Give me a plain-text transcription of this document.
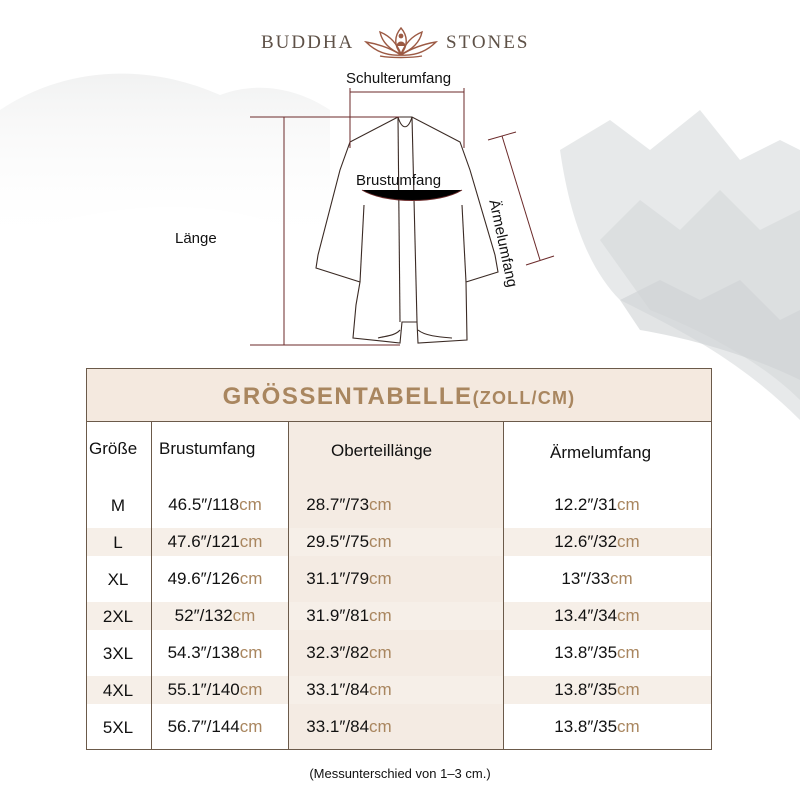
BUDDHA	STONES
Schulterumfang
Brustumfang
Länge	Ärmelumfang
GRÖSSENTABELLE(ZOLL/CM)
Größe Brustumfang	Oberteillänge	Ärmelumfang
M	46.5″/118cm	28.7″/73cm	12.2″/31cm
L	47.6″/121cm	29.5″/75cm	12.6″/32cm
XL	49.6″/126cm	31.1″/79cm	13″/33cm
2XL	52″/132cm	31.9″/81cm	13.4″/34cm
3XL	54.3″/138cm	32.3″/82cm	13.8″/35cm
4XL	55.1″/140cm	33.1″/84cm	13.8″/35cm
5XL	56.7″/144cm	33.1″/84cm	13.8″/35cm
(Messunterschied von 1–3 cm.)
